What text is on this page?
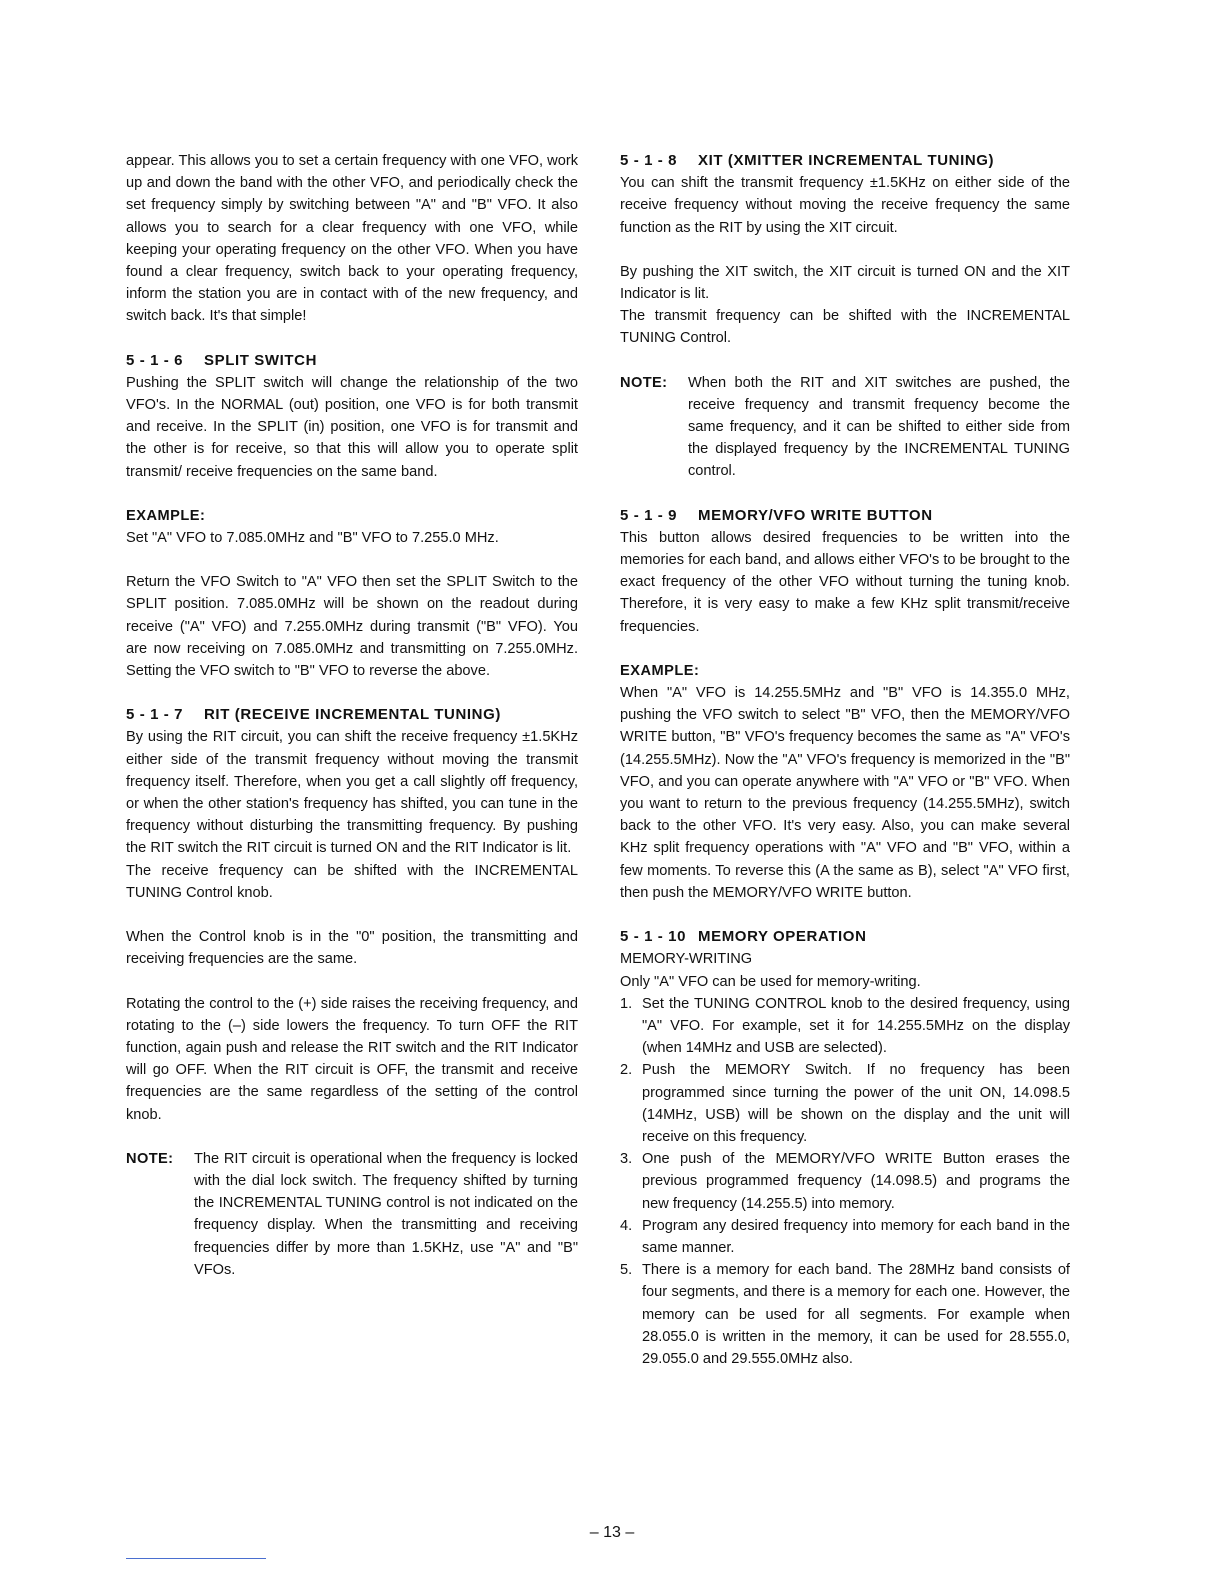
appear. This allows you to set a certain frequency with one VFO, work up and down the band with the other VFO, and periodically check the set frequency simply by switching between "A" and "B" VFO. It also allows you to search for a clear frequency with one VFO, while keeping your operating frequency on the other VFO. When you have found a clear frequency, switch back to your operating frequency, inform the station you are in contact with of the new frequency, and switch back. It's that simple!

5 - 1 - 6 SPLIT SWITCH

Pushing the SPLIT switch will change the relationship of the two VFO's. In the NORMAL (out) position, one VFO is for both transmit and receive. In the SPLIT (in) position, one VFO is for transmit and the other is for receive, so that this will allow you to operate split transmit/ receive frequencies on the same band.

EXAMPLE:

Set "A" VFO to 7.085.0MHz and "B" VFO to 7.255.0 MHz.

Return the VFO Switch to "A" VFO then set the SPLIT Switch to the SPLIT position. 7.085.0MHz will be shown on the readout during receive ("A" VFO) and 7.255.0MHz during transmit ("B" VFO). You are now receiving on 7.085.0MHz and transmitting on 7.255.0MHz. Setting the VFO switch to "B" VFO to reverse the above.

5 - 1 - 7 RIT (RECEIVE INCREMENTAL TUNING)

By using the RIT circuit, you can shift the receive frequency ±1.5KHz either side of the transmit frequency without moving the transmit frequency itself. Therefore, when you get a call slightly off frequency, or when the other station's frequency has shifted, you can tune in the frequency without disturbing the transmitting frequency. By pushing the RIT switch the RIT circuit is turned ON and the RIT Indicator is lit.

The receive frequency can be shifted with the INCREMENTAL TUNING Control knob.

When the Control knob is in the "0" position, the transmitting and receiving frequencies are the same.

Rotating the control to the (+) side raises the receiving frequency, and rotating to the (–) side lowers the frequency. To turn OFF the RIT function, again push and release the RIT switch and the RIT Indicator will go OFF. When the RIT circuit is OFF, the transmit and receive frequencies are the same regardless of the setting of the control knob.

NOTE:	The RIT circuit is operational when the frequency is locked with the dial lock switch. The frequency shifted by turning the INCREMENTAL TUNING control is not indicated on the frequency display. When the transmitting and receiving frequencies differ by more than 1.5KHz, use "A" and "B" VFOs.
5 - 1 - 8 XIT (XMITTER INCREMENTAL TUNING)

You can shift the transmit frequency ±1.5KHz on either side of the receive frequency without moving the receive frequency the same function as the RIT by using the XIT circuit.

By pushing the XIT switch, the XIT circuit is turned ON and the XIT Indicator is lit.

The transmit frequency can be shifted with the INCREMENTAL TUNING Control.

NOTE:	When both the RIT and XIT switches are pushed, the receive frequency and transmit frequency become the same frequency, and it can be shifted to either side from the displayed frequency by the INCREMENTAL TUNING control.
5 - 1 - 9 MEMORY/VFO WRITE BUTTON

This button allows desired frequencies to be written into the memories for each band, and allows either VFO's to be brought to the exact frequency of the other VFO without turning the tuning knob. Therefore, it is very easy to make a few KHz split transmit/receive frequencies.

EXAMPLE:

When "A" VFO is 14.255.5MHz and "B" VFO is 14.355.0 MHz, pushing the VFO switch to select "B" VFO, then the MEMORY/VFO WRITE button, "B" VFO's frequency becomes the same as "A" VFO's (14.255.5MHz). Now the "A" VFO's frequency is memorized in the "B" VFO, and you can operate anywhere with "A" VFO or "B" VFO. When you want to return to the previous frequency (14.255.5MHz), switch back to the other VFO. It's very easy. Also, you can make several KHz split frequency operations with "A" VFO and "B" VFO, within a few moments. To reverse this (A the same as B), select "A" VFO first, then push the MEMORY/VFO WRITE button.

5 - 1 - 10 MEMORY OPERATION
MEMORY-WRITING
Only "A" VFO can be used for memory-writing.
1. Set the TUNING CONTROL knob to the desired frequency, using "A" VFO. For example, set it for 14.255.5MHz on the display (when 14MHz and USB are selected).
2. Push the MEMORY Switch. If no frequency has been programmed since turning the power of the unit ON, 14.098.5 (14MHz, USB) will be shown on the display and the unit will receive on this frequency.
3. One push of the MEMORY/VFO WRITE Button erases the previous programmed frequency (14.098.5) and programs the new frequency (14.255.5) into memory.
4. Program any desired frequency into memory for each band in the same manner.
5. There is a memory for each band. The 28MHz band consists of four segments, and there is a memory for each one. However, the memory can be used for all segments. For example when 28.055.0 is written in the memory, it can be used for 28.555.0, 29.055.0 and 29.555.0MHz also.
– 13 –
